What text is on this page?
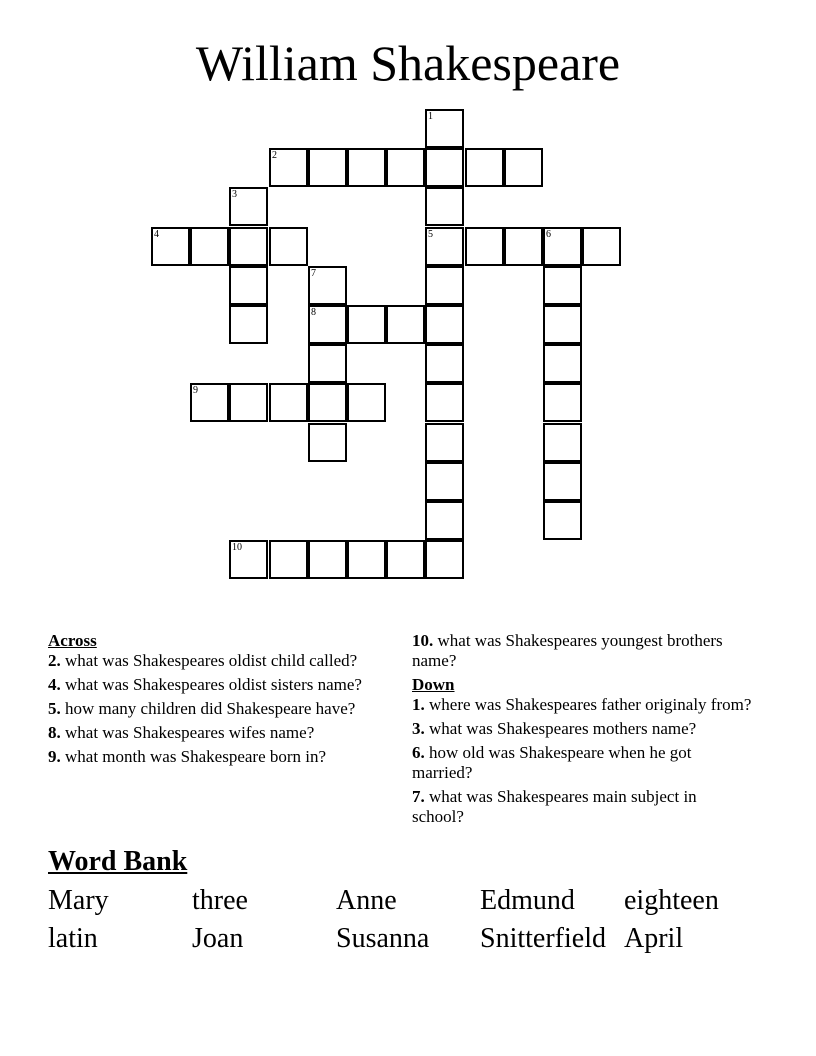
William Shakespeare
1
2
3
4	5	6
7
8
9
10
Across
2. what was Shakespeares oldist child called?
4. what was Shakespeares oldist sisters name?
5. how many children did Shakespeare have?
8. what was Shakespeares wifes name?
9. what month was Shakespeare born in?
10. what was Shakespeares youngest brothers name?
Down
1. where was Shakespeares father originaly from?
3. what was Shakespeares mothers name?
6. how old was Shakespeare when he got married?
7. what was Shakespeares main subject in school?
Word Bank
Mary	three	Anne	Edmund eighteen
latin	Joan	Susanna Snitterfield April
